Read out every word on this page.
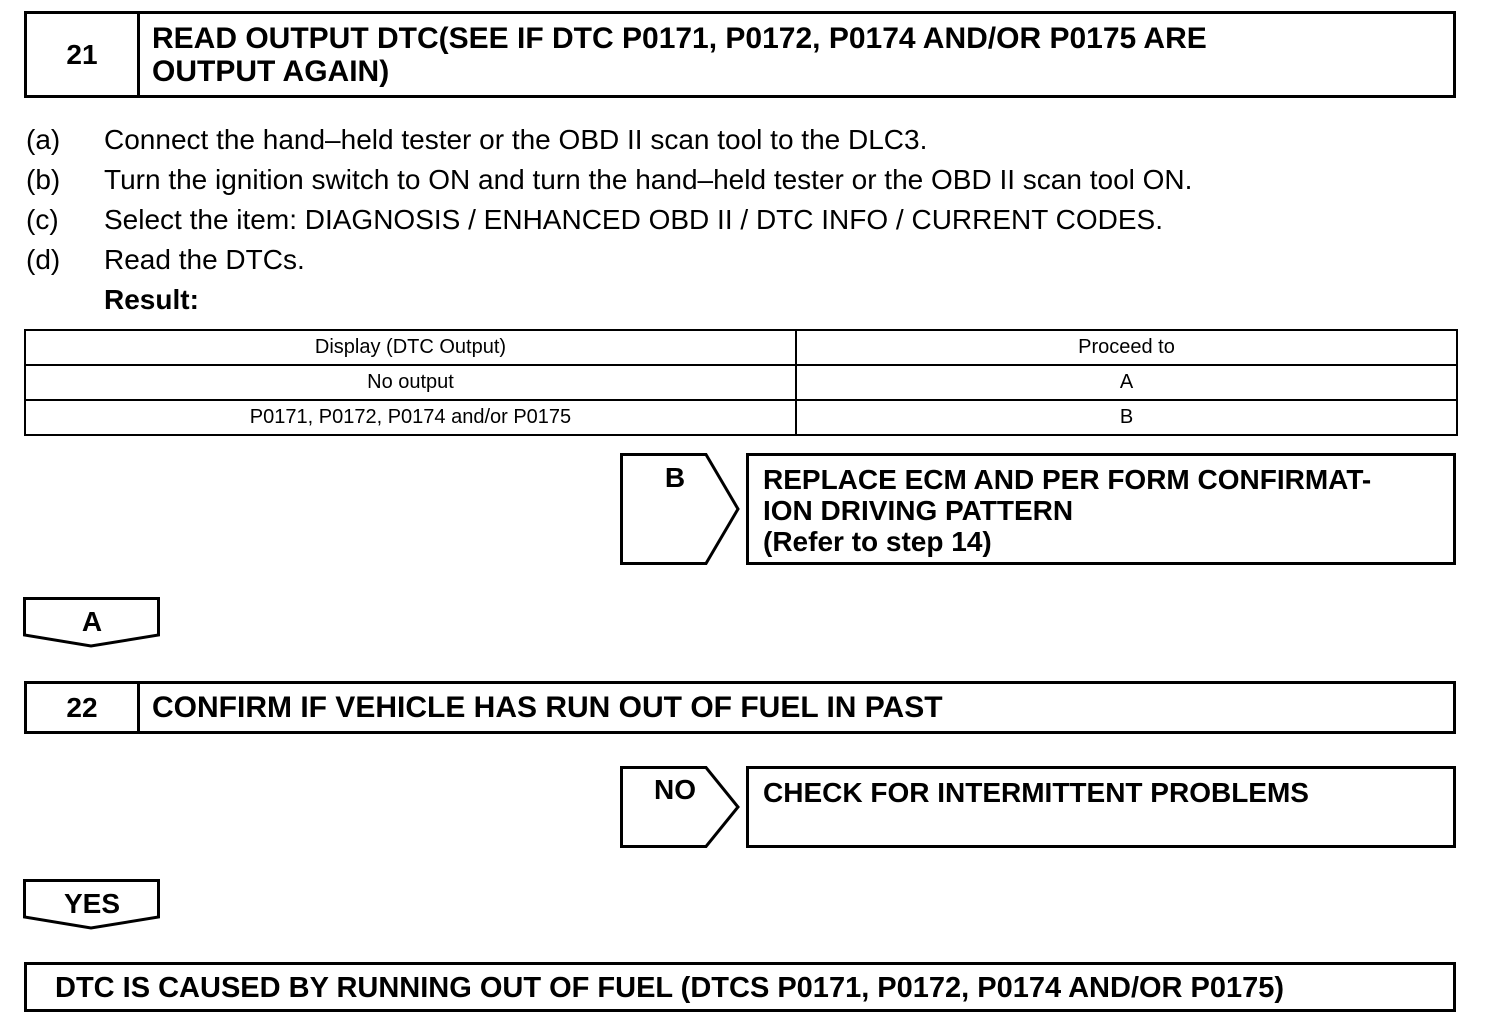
21	READ OUTPUT DTC(SEE IF DTC P0171, P0172, P0174 AND/OR P0175 ARE
OUTPUT AGAIN)
(a) Connect the hand–held tester or the OBD II scan tool to the DLC3.
(b) Turn the ignition switch to ON and turn the hand–held tester or the OBD II scan tool ON.
(c) Select the item: DIAGNOSIS / ENHANCED OBD II / DTC INFO / CURRENT CODES.
(d) Read the DTCs.
Result:
Display (DTC Output)	Proceed to
No output	A
P0171, P0172, P0174 and/or P0175	B
B	REPLACE ECM AND PER FORM CONFIRMAT-
ION DRIVING PATTERN
(Refer to step 14)
A
22	CONFIRM IF VEHICLE HAS RUN OUT OF FUEL IN PAST
NO	CHECK FOR INTERMITTENT PROBLEMS
YES
DTC IS CAUSED BY RUNNING OUT OF FUEL (DTCS P0171, P0172, P0174 AND/OR P0175)
